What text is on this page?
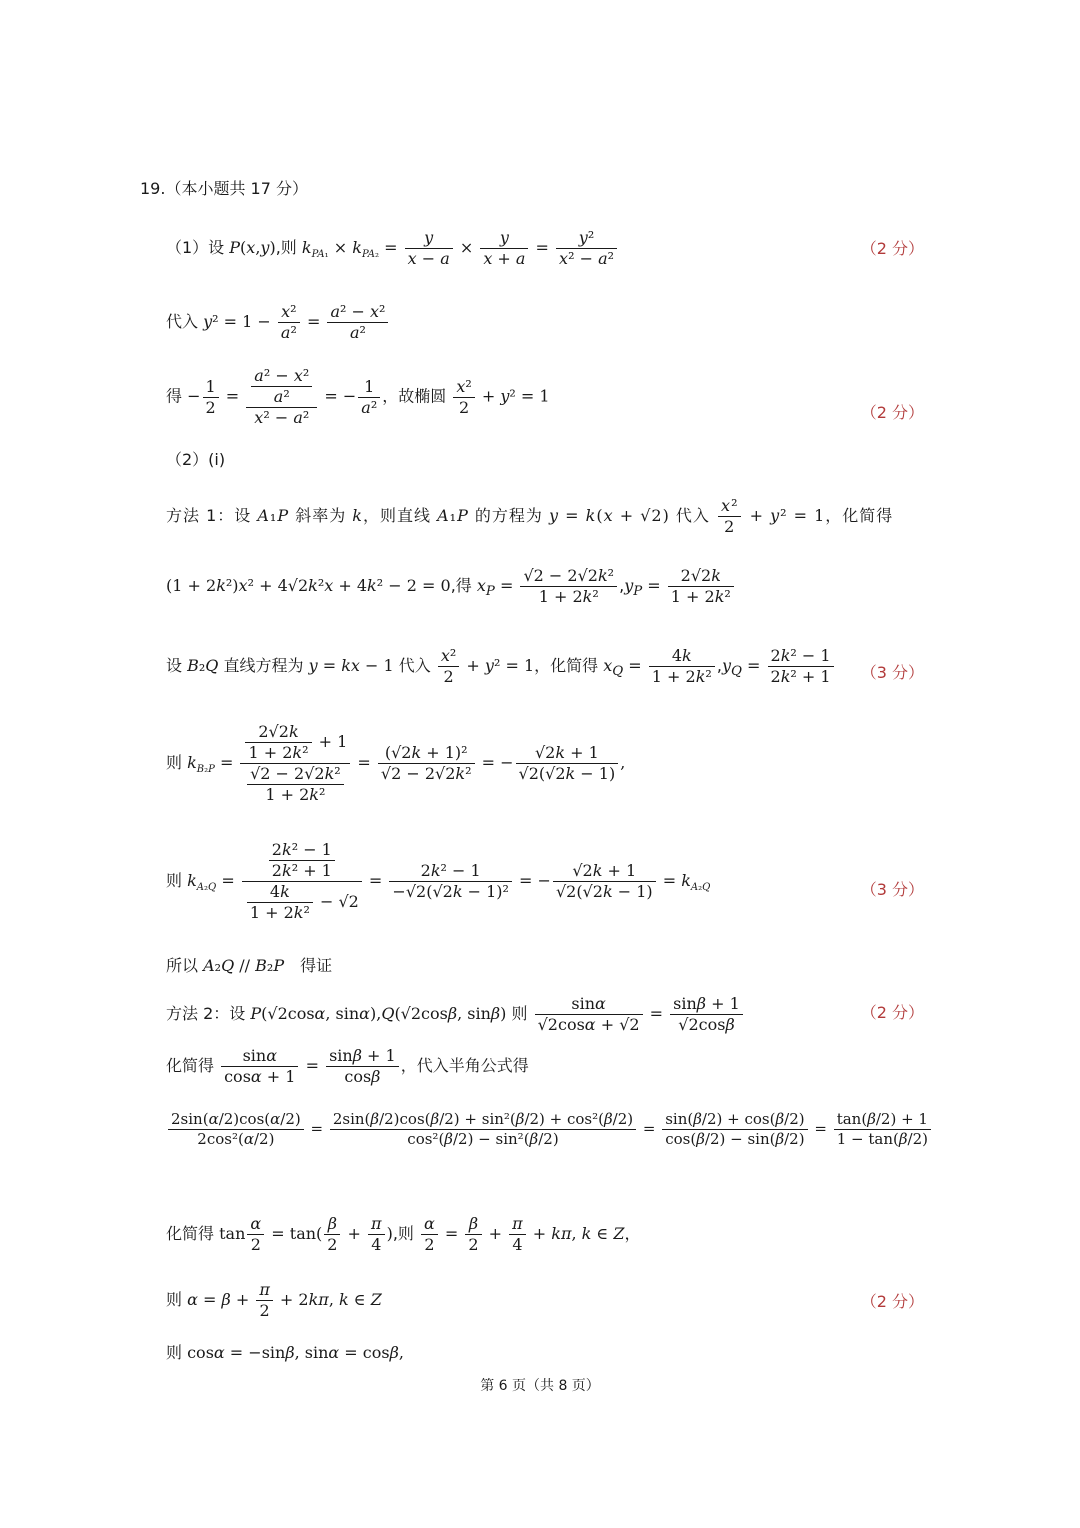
19.（本小题共 17 分）
（1）设 P(x,y),则 $k_{PA_1} \times k_{PA_2} = \frac{y}{x - a} \times \frac{y}{x + a} = \frac{\text{y²}}{\text{x² − a²}}$	（2 分）
代入 $y^2 = 1 - \frac{\text{x²}}{\text{a²}} = \frac{\text{a² − x²}}{\text{a²}}$
得 − $\frac{1}{2} = \frac{\frac{\text{a² − x²}}{\text{a²}}}{\text{x² − a²}}$ = − $\frac{1}{\text{a²}}$ ，故椭圆 $\frac{\text{x²}}{2} + y^2 = 1$
（2 分）
（2）(i)
方法 1：设 A₁P 斜率为 k，则直线 A₁P 的方程为 y = k(x + √2) 代入 $\frac{\text{x²}}{2} + y^2 = 1$，化简得
(1 + 2k²)x² + 4√2k²x + 4k² − 2 = 0,得 $x_P = \frac{\text{√2 − 2√2k²}}{\text{1 + 2k²}} ,y_P = \frac{2√2k}{\text{1 + 2k²}}$
设 B₂Q 直线方程为 y = kx − 1 代入 $\frac{\text{x²}}{2} + y^2 = 1$，化简得 $x_Q = \frac{4k}{\text{1 + 2k²}} ,y_Q = \frac{\text{2k² − 1}}{\text{2k² + 1}} (3$ 分）
则 $k_{B_2P} = \frac{\frac{2√2k}{\text{1 + 2k²}} + 1}{\frac{\text{√2 − 2√2k²}}{\text{1 + 2k²}}} = \frac{\text{(√2k + 1)²}}{\text{√2 − 2√2k²}}$ = − $\frac{√2k + 1}{√2(√2k - 1)}$ ,
则 $k_{A_2Q} = \frac{\frac{\text{2k² − 1}}{\text{2k² + 1}}}{\frac{4k}{\text{1 + 2k²}} - √2} = \frac{\text{2k² − 1}}{\text{−√2(√2k − 1)²}}$ = − $\frac{√2k + 1}{√2(√2k - 1)} = k_{A_2Q}$	（3 分）
所以 A₂Q // B₂P　得证
方法 2：设 P(√2cosα, sinα),Q(√2cosβ, sinβ) 则 $\frac{\sin\alpha}{√2\cos\alpha + √2} = \frac{\sin\beta + 1}{√2\cos\beta}$	（2 分）
化简得 $\frac{\sin\alpha}{\cos\alpha + 1} = \frac{\sin\beta + 1}{\cos\beta}$ ，代入半角公式得
$\frac{2\sin(\alpha/2)\cos(\alpha/2)}{\text{2cos²(α/2)}} = \frac{\text{2sin(β/2)cos(β/2) + sin²(β/2) + cos²(β/2)}}{\text{cos²(β/2) − sin²(β/2)}} = \frac{\sin(\beta/2) + \cos(\beta/2)}{\cos(\beta/2) - \sin(\beta/2)} = \frac{\tan(\beta/2) + 1}{1 - \tan(\beta/2)}$
化简得 $\tan \frac{\alpha}{2} = \tan( \frac{\beta}{2} + \frac{\pi}{4}$ ),则 $\frac{\alpha}{2} = \frac{\beta}{2} + \frac{\pi}{4} + k\pi$, k ∈ Z，
则 $\alpha = \beta + \frac{\pi}{2} + 2k\pi$, k ∈ Z	（2 分）
则 cosα = −sinβ, sinα = cosβ,
第 6 页（共 8 页）
